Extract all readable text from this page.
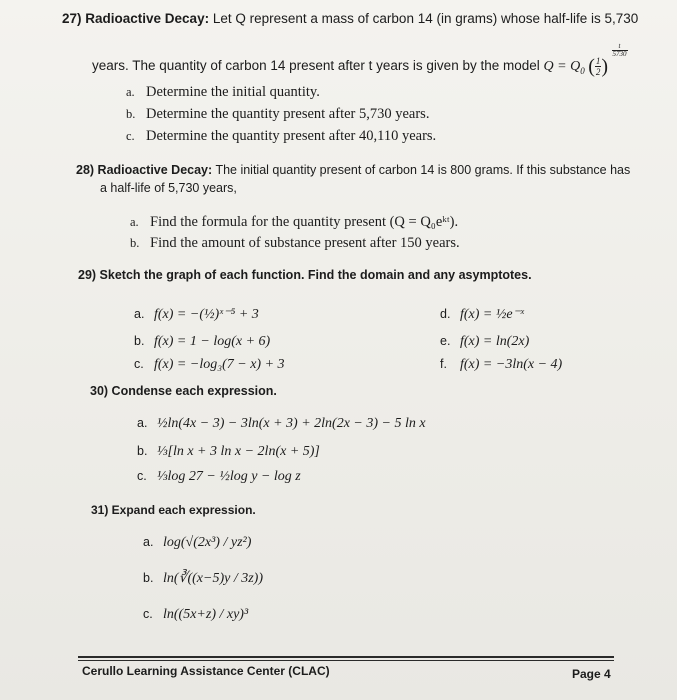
27) Radioactive Decay: Let Q represent a mass of carbon 14 (in grams) whose half-life is 5,730
years. The quantity of carbon 14 present after t years is given by the model $Q = Q_0$ ( $\frac{1}{2}$ )
$\frac{t}{5730}$
a. Determine the initial quantity.
b. Determine the quantity present after 5,730 years.
c. Determine the quantity present after 40,110 years.
28) Radioactive Decay: The initial quantity present of carbon 14 is 800 grams. If this substance has
a half-life of 5,730 years,
a. Find the formula for the quantity present (Q = Q₀eᵏᵗ).
b. Find the amount of substance present after 150 years.
29) Sketch the graph of each function. Find the domain and any asymptotes.
a. f(x) = −(½)ˣ⁻⁵ + 3
b. f(x) = 1 − log(x + 6)
c. f(x) = −log₃(7 − x) + 3
d. f(x) = ½e⁻ˣ
e. f(x) = ln(2x)
f. f(x) = −3ln(x − 4)
30) Condense each expression.
a. ½ln(4x − 3) − 3ln(x + 3) + 2ln(2x − 3) − 5 ln x
b. ⅓[ln x + 3 ln x − 2ln(x + 5)]
c. ⅓log 27 − ½log y − log z
31) Expand each expression.
a. log(√(2x³) / yz²)
b. ln(∛((x−5)y / 3z))
c. ln((5x+z) / xy)³
Cerullo Learning Assistance Center (CLAC)	Page 4
